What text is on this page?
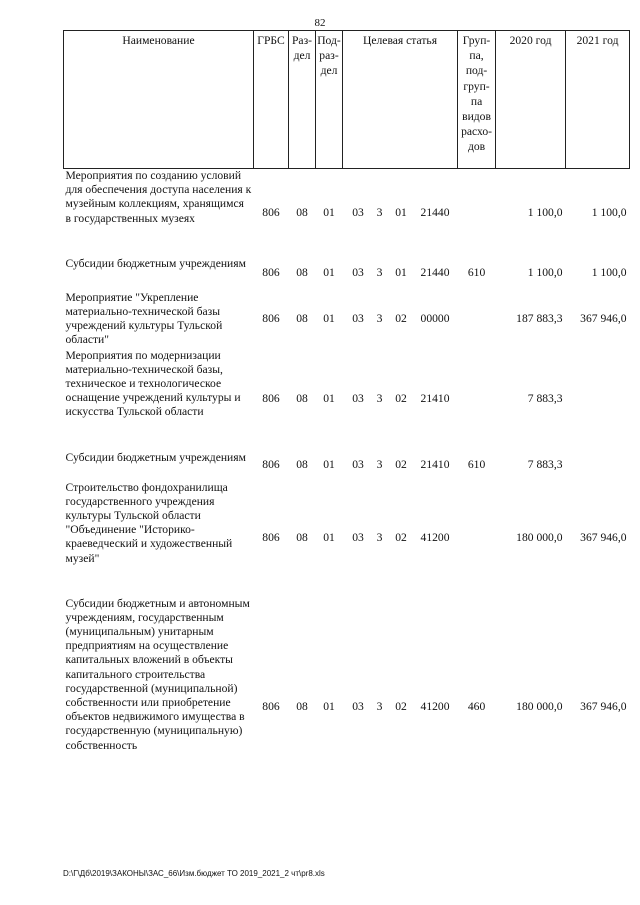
82
Наименование	ГРБС	Раз-дел	Под-раз-дел	Целевая статья				Груп-па, под-груп-па видов расхо-дов	2020 год	2021 год
Мероприятия по созданию условий для обеспечения доступа населения к музейным коллекциям, хранящимся в государственных музеях	806	08	01	03	3	01	21440		1 100,0	1 100,0
Субсидии бюджетным учреждениям	806	08	01	03	3	01	21440	610	1 100,0	1 100,0
Мероприятие "Укрепление материально-технической базы учреждений культуры Тульской области"	806	08	01	03	3	02	00000		187 883,3	367 946,0
Мероприятия по модернизации материально-технической базы, техническое и технологическое оснащение учреждений культуры и искусства Тульской области	806	08	01	03	3	02	21410		7 883,3	
Субсидии бюджетным учреждениям	806	08	01	03	3	02	21410	610	7 883,3	
Строительство фондохранилища государственного учреждения культуры Тульской области "Объединение "Историко-краеведческий и художественный музей"	806	08	01	03	3	02	41200		180 000,0	367 946,0
Субсидии бюджетным и автономным учреждениям, государственным (муниципальным) унитарным предприятиям на осуществление капитальных вложений в объекты капитального строительства государственной (муниципальной) собственности или приобретение объектов недвижимого имущества в государственную (муниципальную) собственность	806	08	01	03	3	02	41200	460	180 000,0	367 946,0
D:\Г\Дб\2019\ЗАКОНЫ\ЗАС_66\Изм.бюджет ТО 2019_2021_2 чт\pr8.xls
